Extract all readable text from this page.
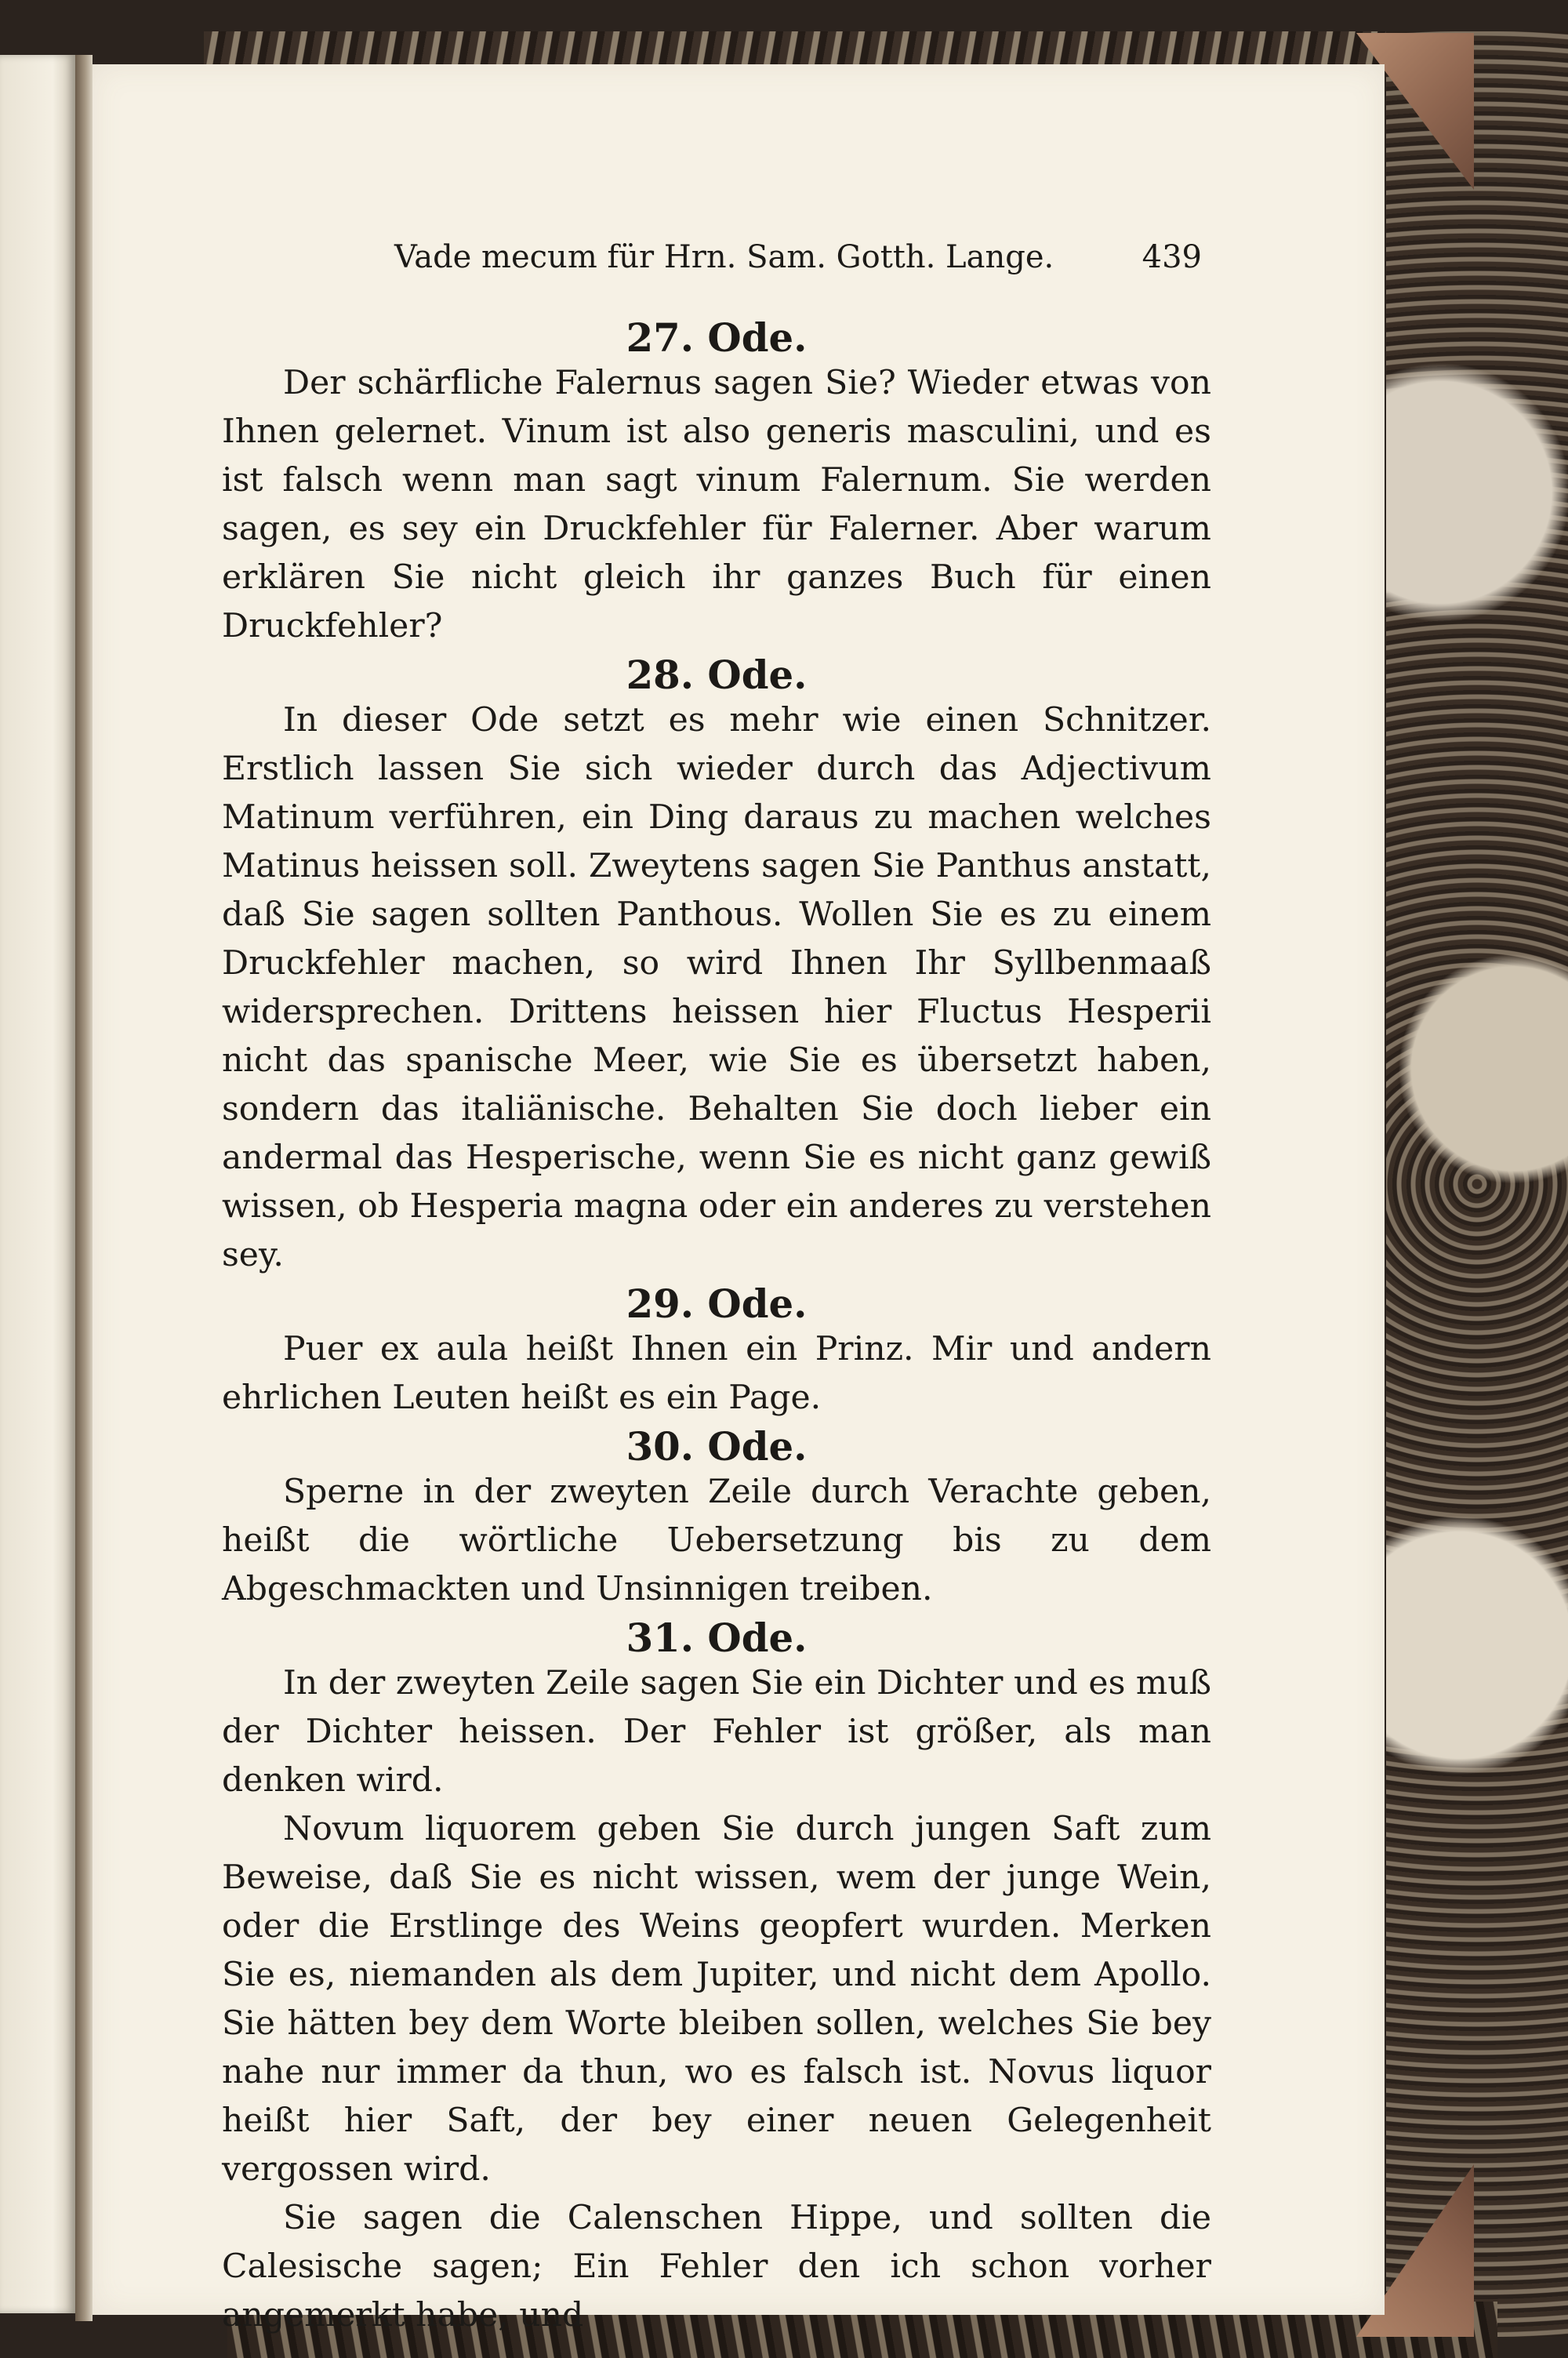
Vade mecum für Hrn. Sam. Gotth. Lange.	439
27. Ode.

Der schärfliche Falernus sagen Sie? Wieder etwas von Ihnen gelernet. Vinum ist also generis masculini, und es ist falsch wenn man sagt vinum Falernum. Sie werden sagen, es sey ein Druckfehler für Falerner. Aber warum erklären Sie nicht gleich ihr ganzes Buch für einen Druckfehler?

28. Ode.

In dieser Ode setzt es mehr wie einen Schnitzer. Erstlich lassen Sie sich wieder durch das Adjectivum Matinum verführen, ein Ding daraus zu machen welches Matinus heissen soll. Zweytens sagen Sie Panthus anstatt, daß Sie sagen sollten Panthous. Wollen Sie es zu einem Druckfehler machen, so wird Ihnen Ihr Syllbenmaaß widersprechen. Drittens heissen hier Fluctus Hesperii nicht das spanische Meer, wie Sie es übersetzt haben, sondern das italiänische. Behalten Sie doch lieber ein andermal das Hesperische, wenn Sie es nicht ganz gewiß wissen, ob Hesperia magna oder ein anderes zu verstehen sey.

29. Ode.

Puer ex aula heißt Ihnen ein Prinz. Mir und andern ehrlichen Leuten heißt es ein Page.

30. Ode.

Sperne in der zweyten Zeile durch Verachte geben, heißt die wörtliche Uebersetzung bis zu dem Abgeschmackten und Unsinnigen treiben.

31. Ode.

In der zweyten Zeile sagen Sie ein Dichter und es muß der Dichter heissen. Der Fehler ist größer, als man denken wird.

Novum liquorem geben Sie durch jungen Saft zum Beweise, daß Sie es nicht wissen, wem der junge Wein, oder die Erstlinge des Weins geopfert wurden. Merken Sie es, niemanden als dem Jupiter, und nicht dem Apollo. Sie hätten bey dem Worte bleiben sollen, welches Sie bey nahe nur immer da thun, wo es falsch ist. Novus liquor heißt hier Saft, der bey einer neuen Gelegenheit vergossen wird.

Sie sagen die Calenschen Hippe, und sollten die Calesische sagen; Ein Fehler den ich schon vorher angemerkt habe, und
